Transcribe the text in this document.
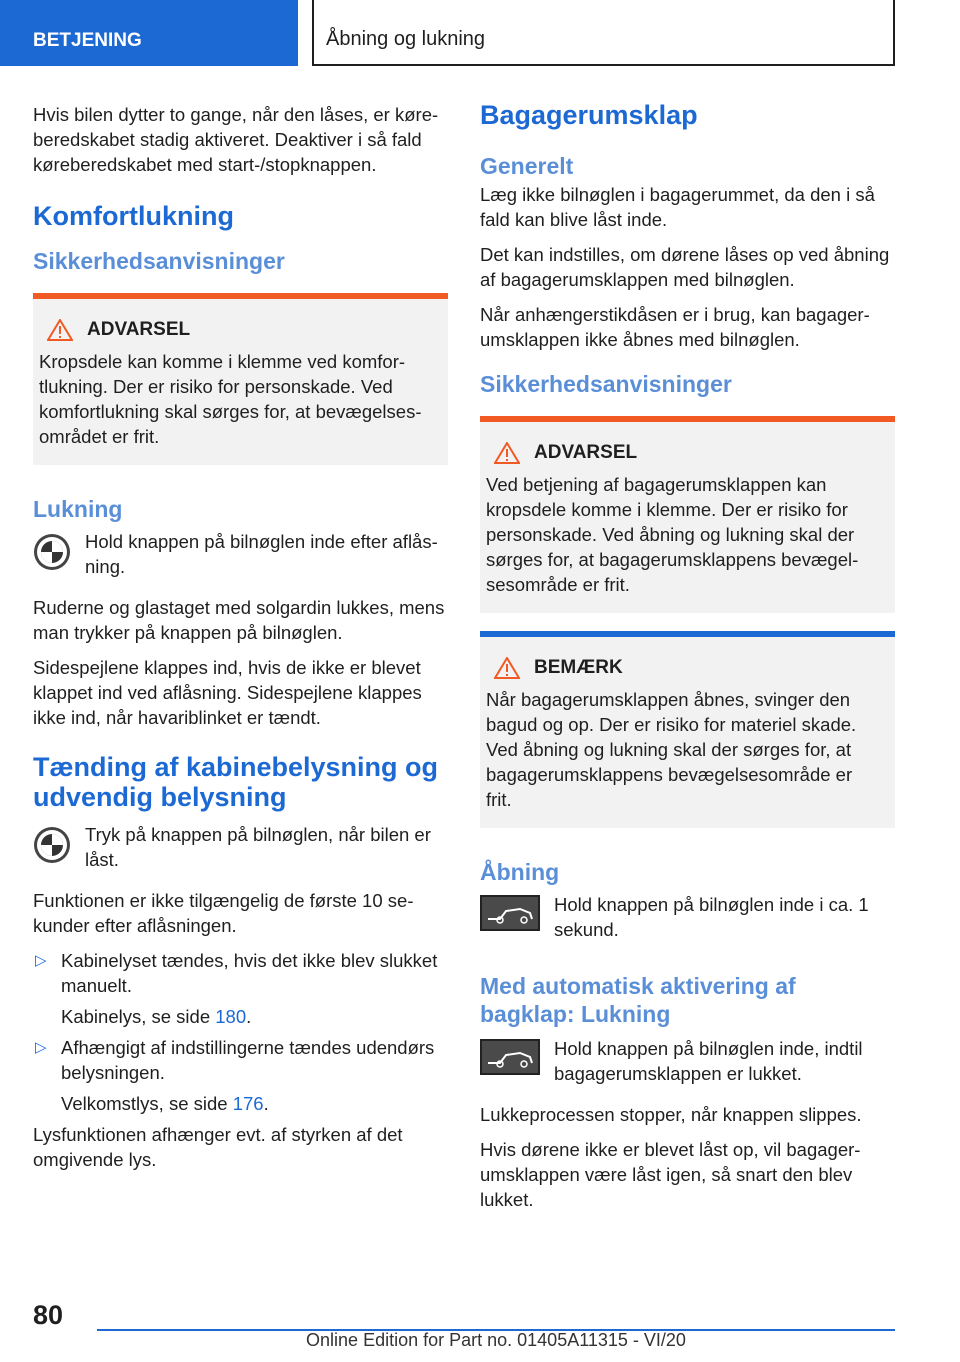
BETJENING	Åbning og lukning

Hvis bilen dytter to gange, når den låses, er køreberedskabet stadig aktiveret. Deaktiver i så fald køreberedskabet med start-/stopknappen.

Komfortlukning
Sikkerhedsanvisninger
ADVARSEL

Kropsdele kan komme i klemme ved komfortlukning. Der er risiko for personskade. Ved komfortlukning skal sørges for, at bevægelsesområdet er frit.

Lukning

Hold knappen på bilnøglen inde efter aflåsning.

Ruderne og glastaget med solgardin lukkes, mens man trykker på knappen på bilnøglen.

Sidespejlene klappes ind, hvis de ikke er blevet klappet ind ved aflåsning. Sidespejlene klappes ikke ind, når havariblinket er tændt.

Tænding af kabinebelysning og udvendig belysning

Tryk på knappen på bilnøglen, når bilen er låst.

Funktionen er ikke tilgængelig de første 10 sekunder efter aflåsningen.

▷ Kabinelyset tændes, hvis det ikke blev slukket manuelt.

Kabinelys, se side 180.

▷ Afhængigt af indstillingerne tændes udendørs belysningen.

Velkomstlys, se side 176.

Lysfunktionen afhænger evt. af styrken af det omgivende lys.

Bagagerumsklap
Generelt

Læg ikke bilnøglen i bagagerummet, da den i så fald kan blive låst inde.

Det kan indstilles, om dørene låses op ved åbning af bagagerumsklappen med bilnøglen.

Når anhængerstikdåsen er i brug, kan bagagerumsklappen ikke åbnes med bilnøglen.

Sikkerhedsanvisninger
ADVARSEL

Ved betjening af bagagerumsklappen kan kropsdele komme i klemme. Der er risiko for personskade. Ved åbning og lukning skal der sørges for, at bagagerumsklappens bevægelsesområde er frit.

BEMÆRK

Når bagagerumsklappen åbnes, svinger den bagud og op. Der er risiko for materiel skade. Ved åbning og lukning skal der sørges for, at bagagerumsklappens bevægelsesområde er frit.

Åbning

Hold knappen på bilnøglen inde i ca. 1 sekund.

Med automatisk aktivering af bagklap: Lukning

Hold knappen på bilnøglen inde, indtil bagagerumsklappen er lukket.

Lukkeprocessen stopper, når knappen slippes.

Hvis dørene ikke er blevet låst op, vil bagagerumsklappen være låst igen, så snart den blev lukket.

80
Online Edition for Part no. 01405A11315 - VI/20
